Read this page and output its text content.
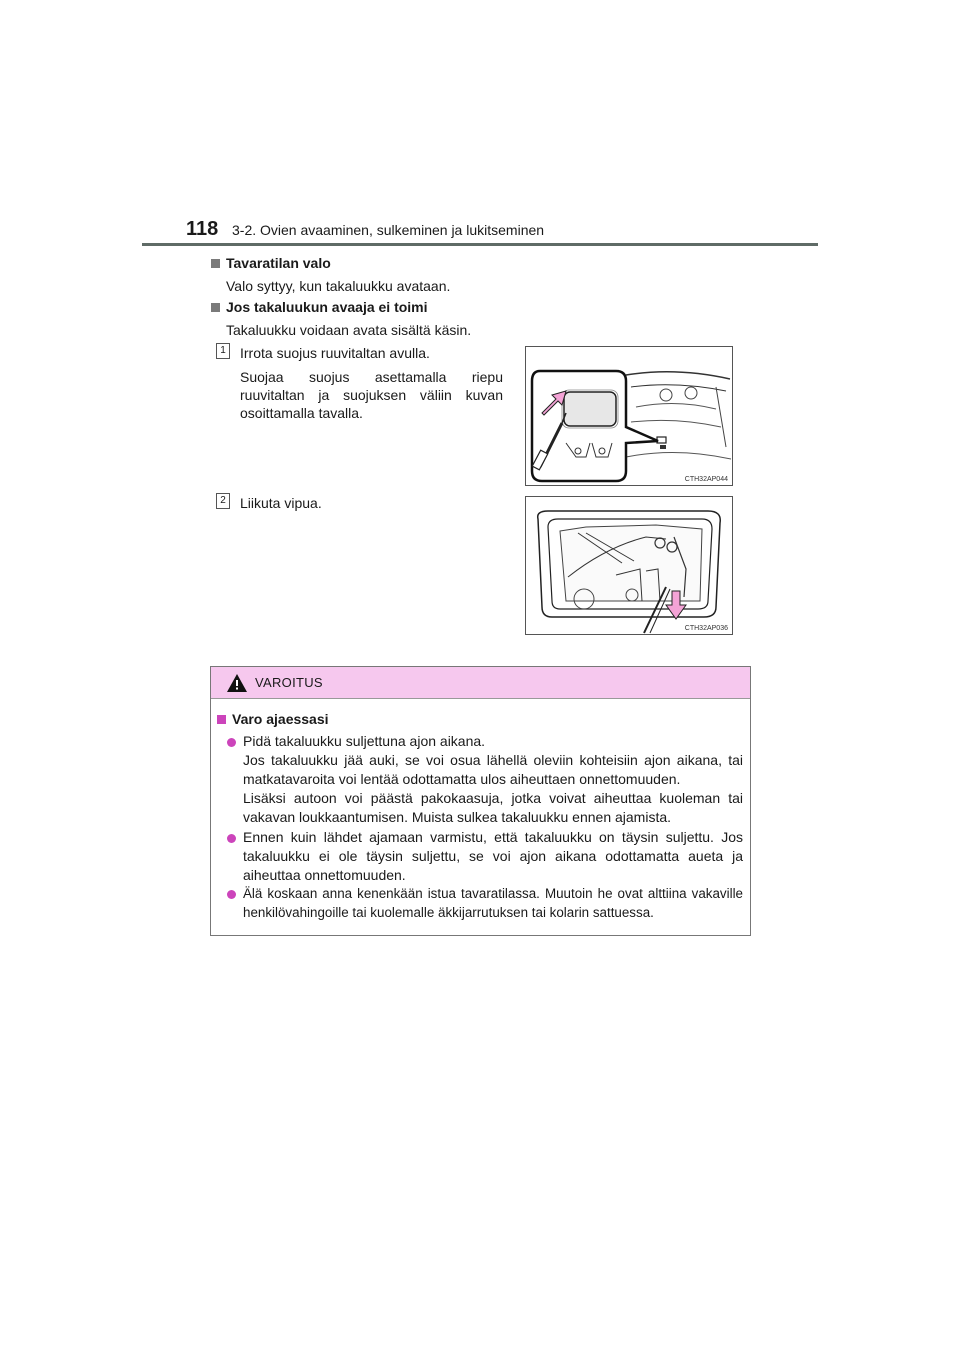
118 3-2. Ovien avaaminen, sulkeminen ja lukitseminen
Tavaratilan valo
Valo syttyy, kun takaluukku avataan.
Jos takaluukun avaaja ei toimi
Takaluukku voidaan avata sisältä käsin.
1	Irrota suojus ruuvitaltan avulla.
Suojaa suojus asettamalla riepu ruuvitaltan ja suojuksen väliin kuvan osoittamalla tavalla.
CTH32AP044
2	Liikuta vipua.
CTH32AP036
VAROITUS
Varo ajaessasi
Pidä takaluukku suljettuna ajon aikana.
Jos takaluukku jää auki, se voi osua lähellä oleviin kohteisiin ajon aikana, tai matkatavaroita voi lentää odottamatta ulos aiheuttaen onnettomuuden.
Lisäksi autoon voi päästä pakokaasuja, jotka voivat aiheuttaa kuoleman tai vakavan loukkaantumisen. Muista sulkea takaluukku ennen ajamista.
Ennen kuin lähdet ajamaan varmistu, että takaluukku on täysin suljettu. Jos takaluukku ei ole täysin suljettu, se voi ajon aikana odottamatta aueta ja aiheuttaa onnettomuuden.
Älä koskaan anna kenenkään istua tavaratilassa. Muutoin he ovat alttiina vakaville henkilövahingoille tai kuolemalle äkkijarrutuksen tai kolarin sattuessa.
